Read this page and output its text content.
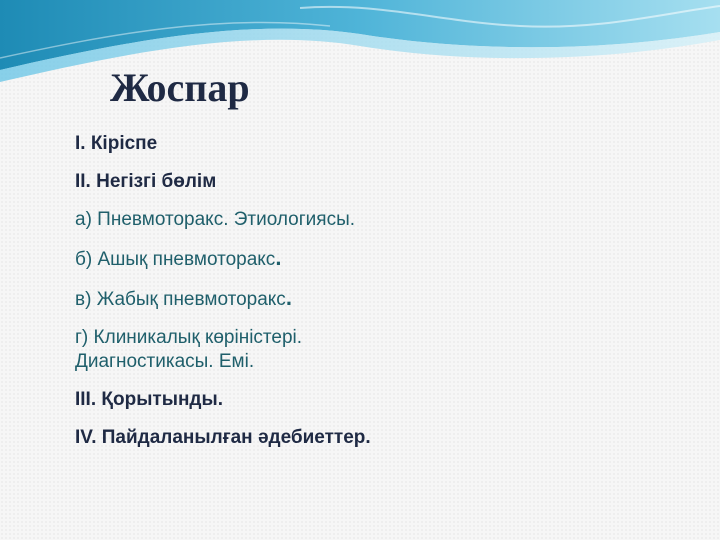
Жоспар
I. Кіріспе
II. Негізгі бөлім
а) Пневмоторакс. Этиологиясы.
б) Ашық пневмоторакс.
в) Жабық пневмоторакс.
г) Клиникалық көріністері.
Диагностикасы. Емі.
III. Қорытынды.
IV. Пайдаланылған әдебиеттер.
